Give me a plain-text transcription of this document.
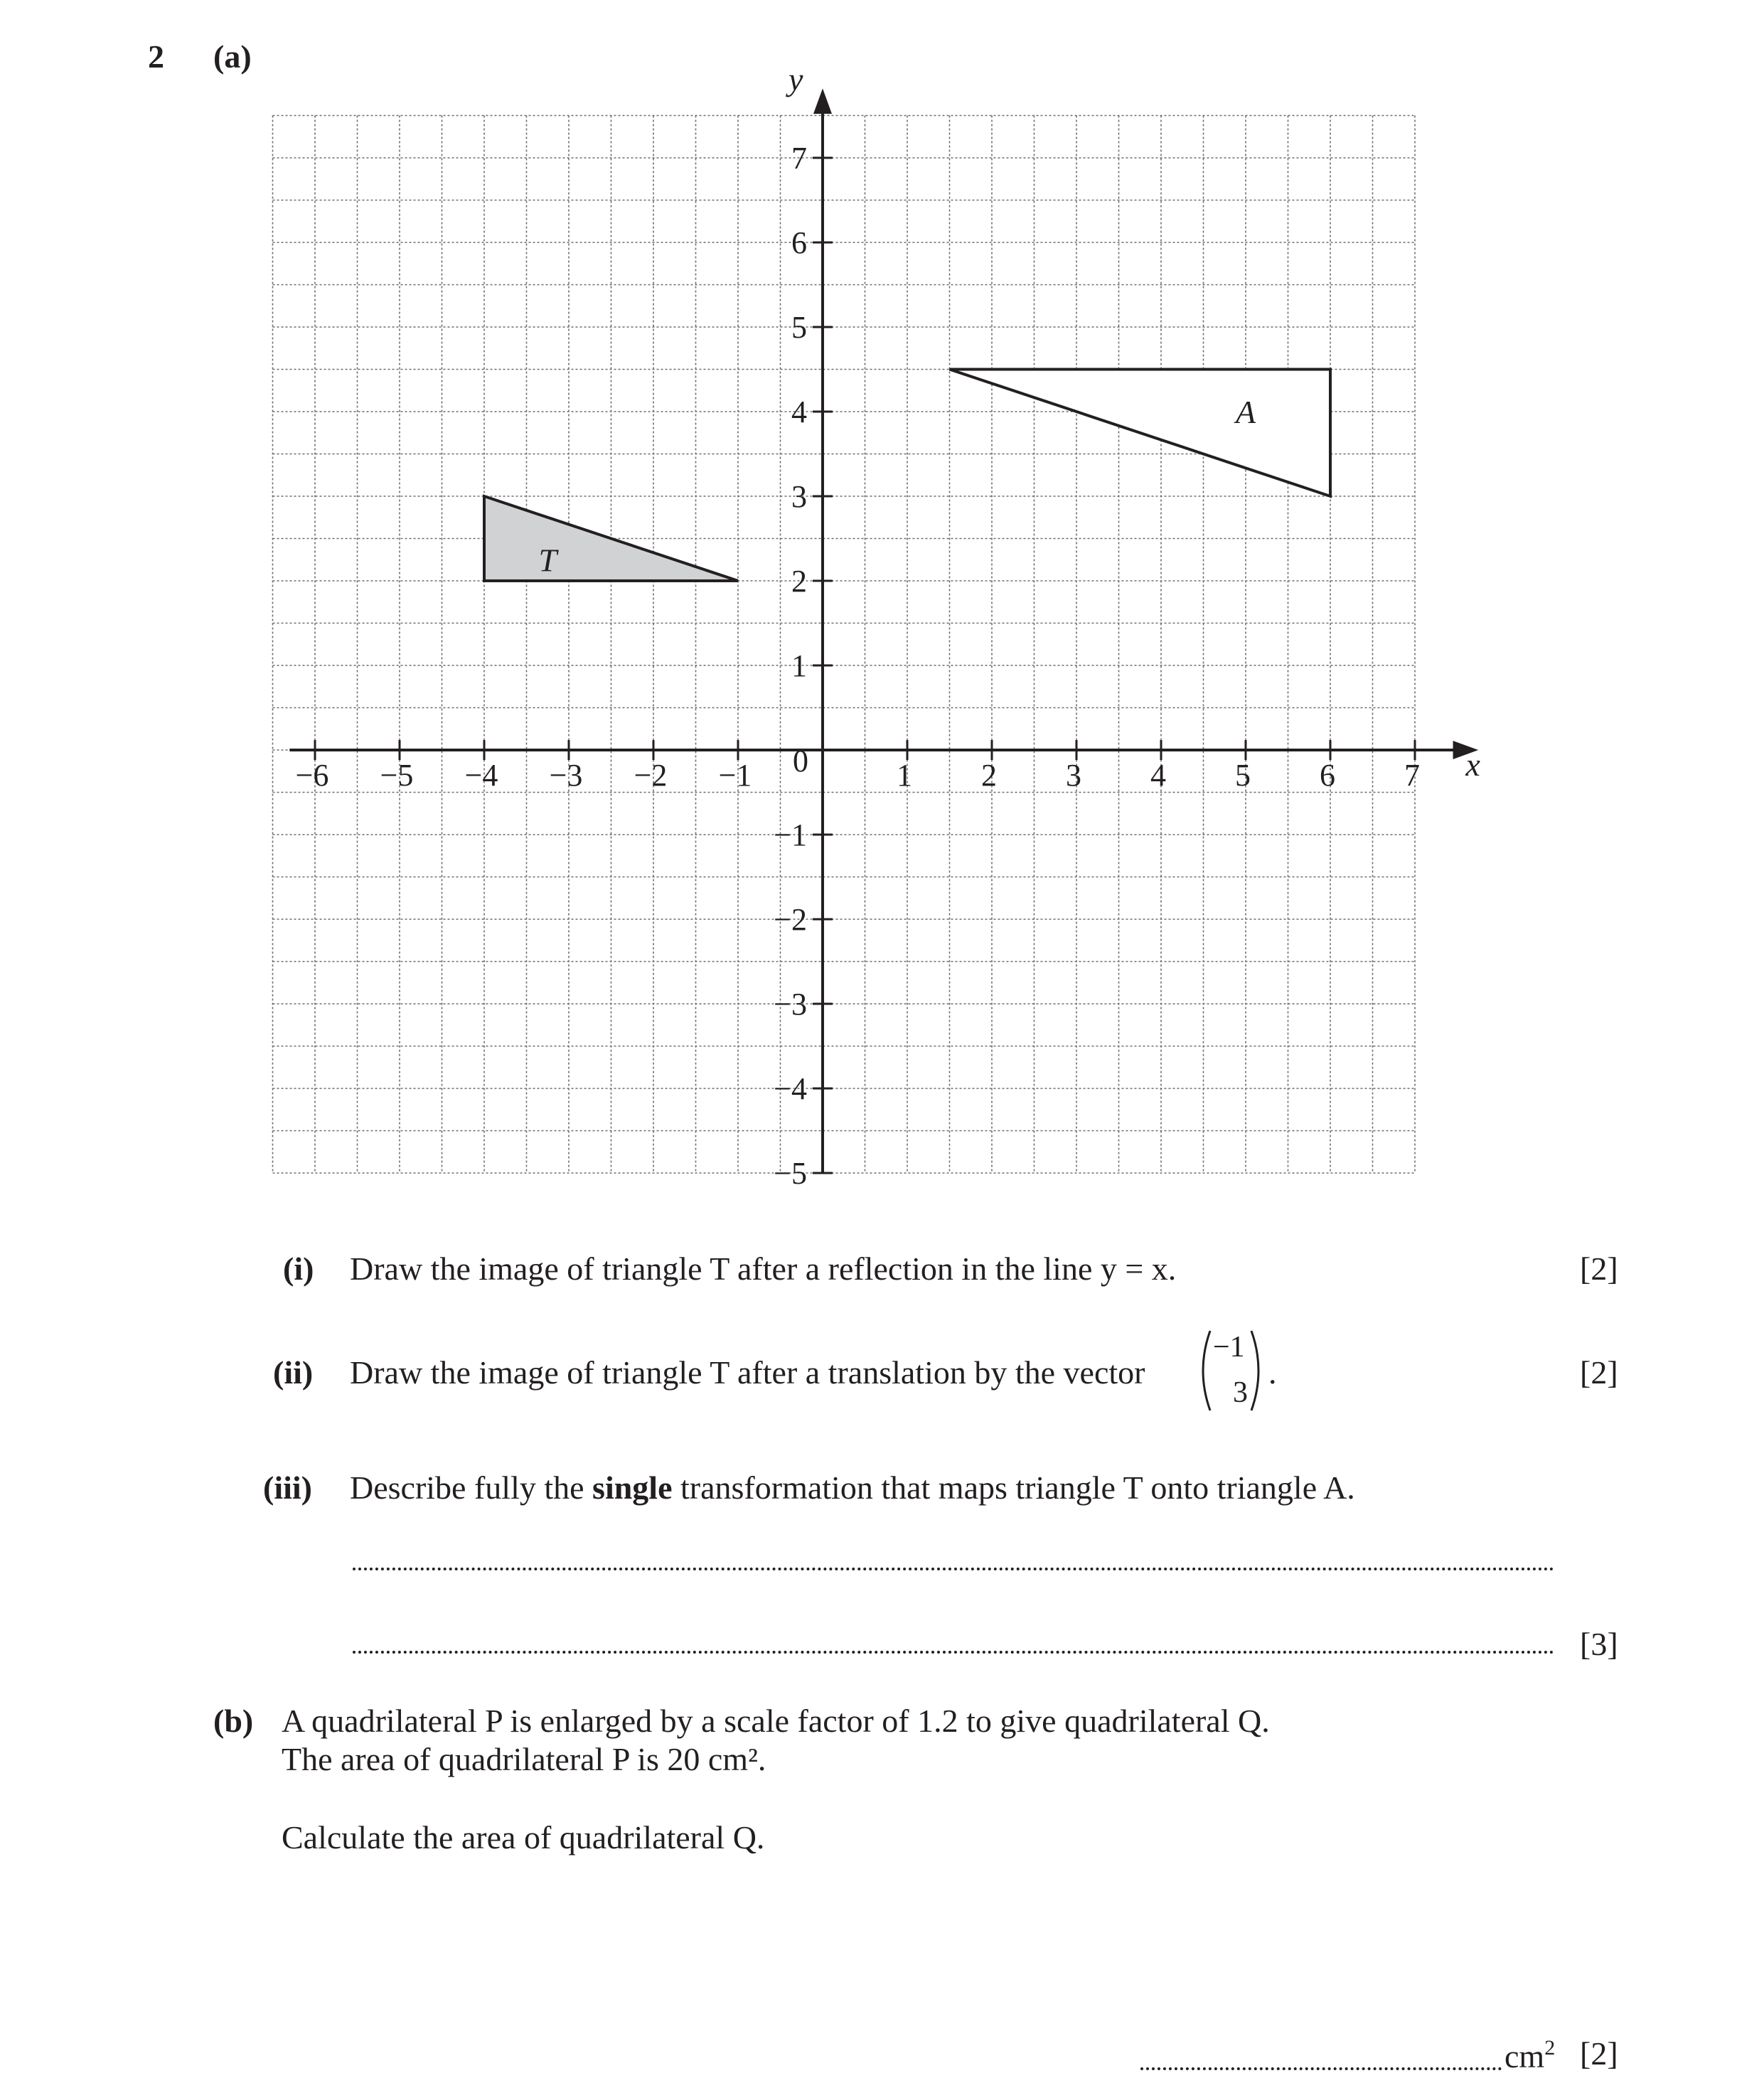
2 (a)
T
A
−6 −5 −4 −3 −2 −1	1 2 3 4 5 6 7
7
6
5
4
3
2
1
−1
−2
−3
−4
−5
0	x
y
(i) Draw the image of triangle T after a reflection in the line y = x.	[2]
(ii) Draw the image of triangle T after a translation by the vector
−1
3
.	[2]
(iii) Describe fully the single transformation that maps triangle T onto triangle A.
[3]
(b) A quadrilateral P is enlarged by a scale factor of 1.2 to give quadrilateral Q.
The area of quadrilateral P is 20 cm².
Calculate the area of quadrilateral Q.
$cm^2$ [2]
